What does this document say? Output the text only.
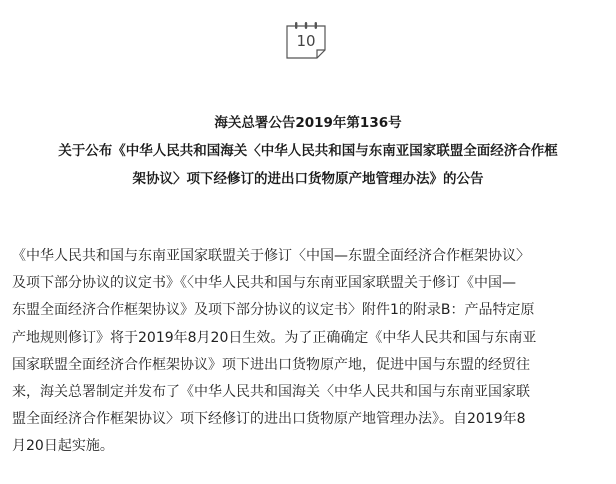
10
海关总署公告2019年第136号
关于公布《中华人民共和国海关〈中华人民共和国与东南亚国家联盟全面经济合作框
架协议〉项下经修订的进出口货物原产地管理办法》的公告
《中华人民共和国与东南亚国家联盟关于修订〈中国—东盟全面经济合作框架协议〉
及项下部分协议的议定书》《〈中华人民共和国与东南亚国家联盟关于修订《中国—
东盟全面经济合作框架协议》及项下部分协议的议定书〉附件1的附录B：产品特定原
产地规则修订》将于2019年8月20日生效。为了正确确定《中华人民共和国与东南亚
国家联盟全面经济合作框架协议》项下进出口货物原产地，促进中国与东盟的经贸往
来，海关总署制定并发布了《中华人民共和国海关〈中华人民共和国与东南亚国家联
盟全面经济合作框架协议〉项下经修订的进出口货物原产地管理办法》。自2019年8
月20日起实施。
